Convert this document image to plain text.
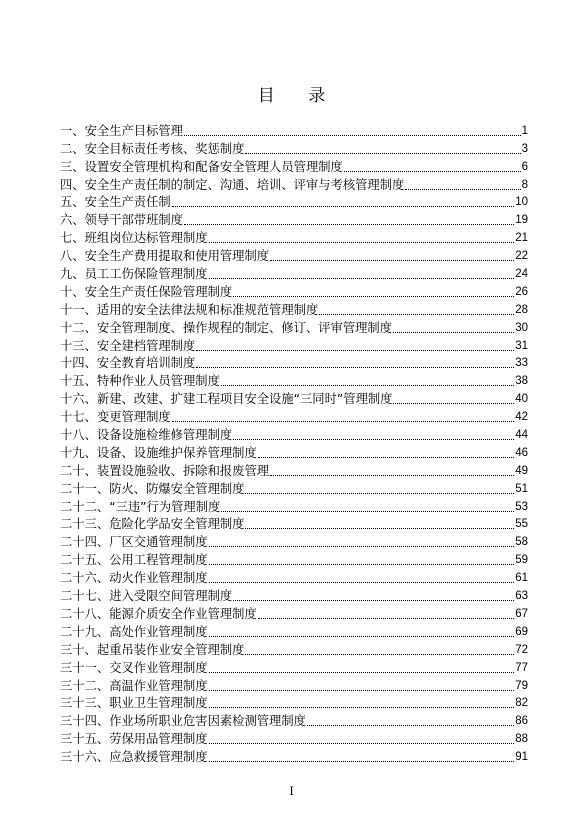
目 录
一、安全生产目标管理	1
二、安全目标责任考核、奖惩制度	3
三、设置安全管理机构和配备安全管理人员管理制度	6
四、安全生产责任制的制定、沟通、培训、评审与考核管理制度	8
五、安全生产责任制	10
六、领导干部带班制度	19
七、班组岗位达标管理制度	21
八、安全生产费用提取和使用管理制度	22
九、员工工伤保险管理制度	24
十、安全生产责任保险管理制度	26
十一、适用的安全法律法规和标准规范管理制度	28
十二、安全管理制度、操作规程的制定、修订、评审管理制度	30
十三、安全建档管理制度	31
十四、安全教育培训制度	33
十五、特种作业人员管理制度	38
十六、新建、改建、扩建工程项目安全设施“三同时”管理制度	40
十七、变更管理制度	42
十八、设备设施检维修管理制度	44
十九、设备、设施维护保养管理制度	46
二十、装置设施验收、拆除和报废管理	49
二十一、防火、防爆安全管理制度	51
二十二、“三违”行为管理制度	53
二十三、危险化学品安全管理制度	55
二十四、厂区交通管理制度	58
二十五、公用工程管理制度	59
二十六、动火作业管理制度	61
二十七、进入受限空间管理制度	63
二十八、能源介质安全作业管理制度	67
二十九、高处作业管理制度	69
三十、起重吊装作业安全管理制度	72
三十一、交叉作业管理制度	77
三十二、高温作业管理制度	79
三十三、职业卫生管理制度	82
三十四、作业场所职业危害因素检测管理制度	86
三十五、劳保用品管理制度	88
三十六、应急救援管理制度	91
I
